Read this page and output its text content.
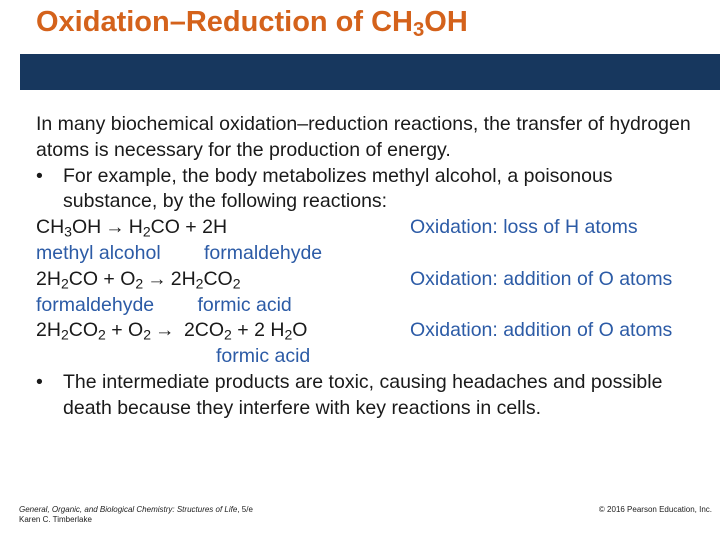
Oxidation–Reduction of $CH_3OH$
In many biochemical oxidation–reduction reactions, the transfer of hydrogen atoms is necessary for the production of energy.
• For example, the body metabolizes methyl alcohol, a poisonous substance, by the following reactions:
$CH_3OH \to H_2CO + 2H$	Oxidation: loss of H atoms
methyl alcohol        formaldehyde
$2H_2CO + O_2 \to 2H_2CO_2$	Oxidation: addition of O atoms
formaldehyde        formic acid
$2H_2CO_2 + O_2 \to 2CO_2 + 2$ $H_2O$	Oxidation: addition of O atoms
formic acid
• The intermediate products are toxic, causing headaches and possible death because they interfere with key reactions in cells.
General, Organic, and Biological Chemistry: Structures of Life, 5/e
Karen C. Timberlake
© 2016 Pearson Education, Inc.
